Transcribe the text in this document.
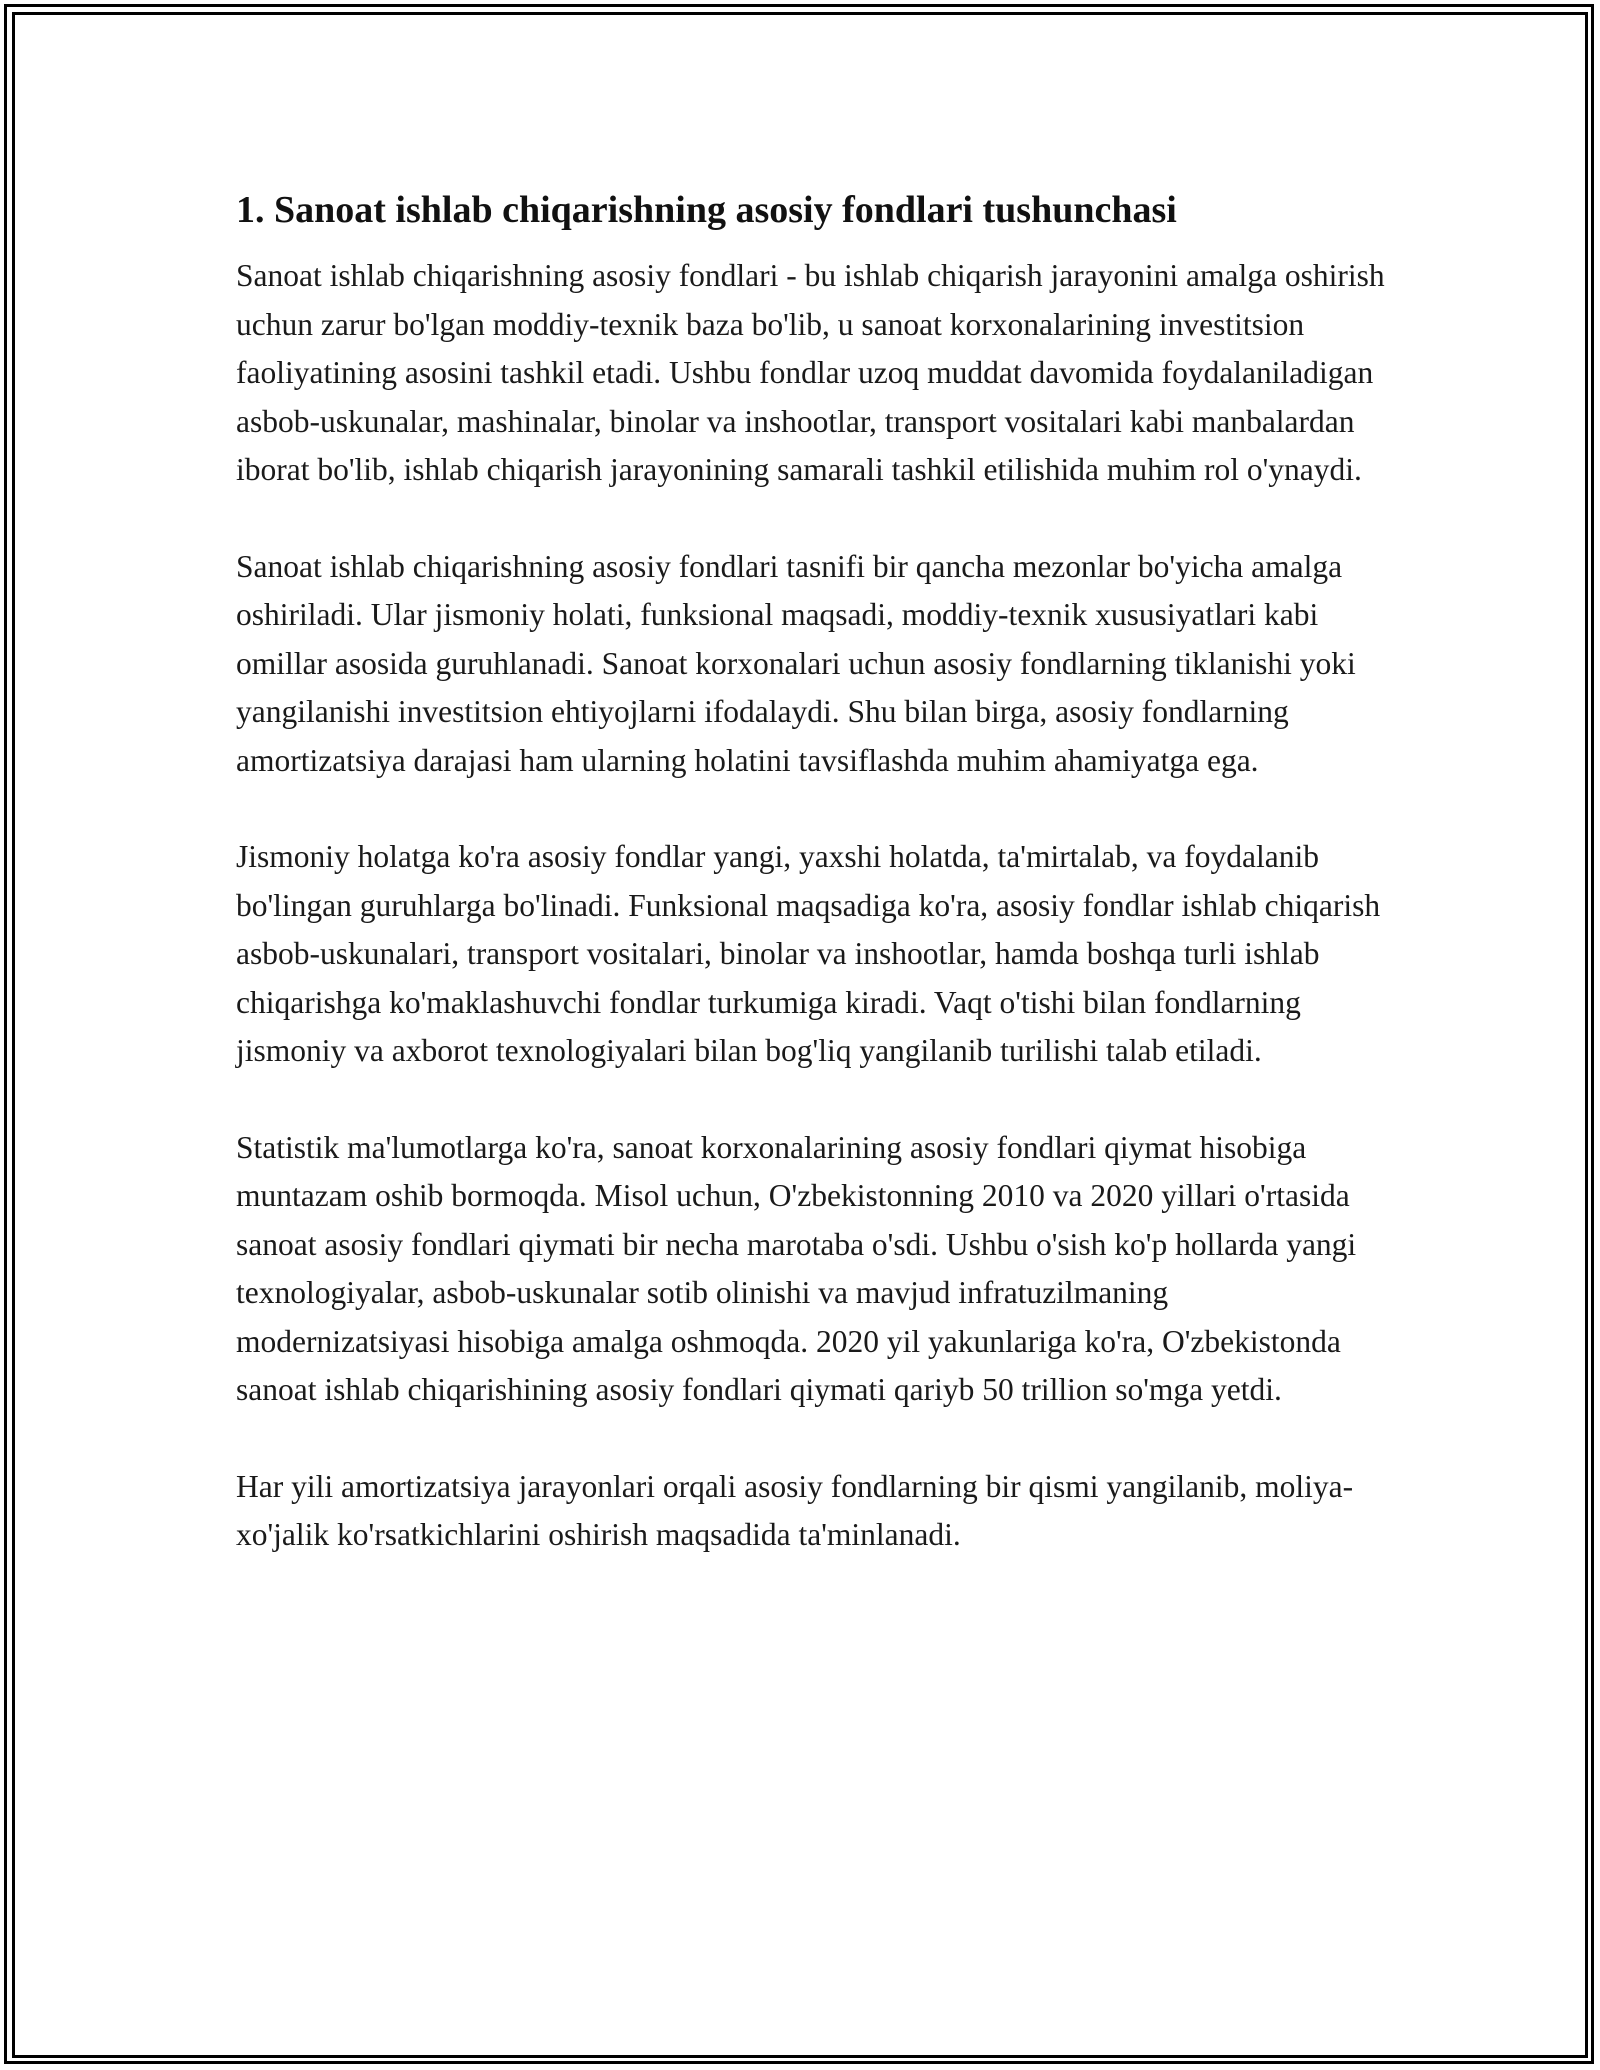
1. Sanoat ishlab chiqarishning asosiy fondlari tushunchasi

Sanoat ishlab chiqarishning asosiy fondlari - bu ishlab chiqarish jarayonini amalga oshirish uchun zarur bo'lgan moddiy-texnik baza bo'lib, u sanoat korxonalarining investitsion faoliyatining asosini tashkil etadi. Ushbu fondlar uzoq muddat davomida foydalaniladigan asbob-uskunalar, mashinalar, binolar va inshootlar, transport vositalari kabi manbalardan iborat bo'lib, ishlab chiqarish jarayonining samarali tashkil etilishida muhim rol o'ynaydi.

Sanoat ishlab chiqarishning asosiy fondlari tasnifi bir qancha mezonlar bo'yicha amalga oshiriladi. Ular jismoniy holati, funksional maqsadi, moddiy-texnik xususiyatlari kabi omillar asosida guruhlanadi. Sanoat korxonalari uchun asosiy fondlarning tiklanishi yoki yangilanishi investitsion ehtiyojlarni ifodalaydi. Shu bilan birga, asosiy fondlarning amortizatsiya darajasi ham ularning holatini tavsiflashda muhim ahamiyatga ega.

Jismoniy holatga ko'ra asosiy fondlar yangi, yaxshi holatda, ta'mirtalab, va foydalanib bo'lingan guruhlarga bo'linadi. Funksional maqsadiga ko'ra, asosiy fondlar ishlab chiqarish asbob-uskunalari, transport vositalari, binolar va inshootlar, hamda boshqa turli ishlab chiqarishga ko'maklashuvchi fondlar turkumiga kiradi. Vaqt o'tishi bilan fondlarning jismoniy va axborot texnologiyalari bilan bog'liq yangilanib turilishi talab etiladi.

Statistik ma'lumotlarga ko'ra, sanoat korxonalarining asosiy fondlari qiymat hisobiga muntazam oshib bormoqda. Misol uchun, O'zbekistonning 2010 va 2020 yillari o'rtasida sanoat asosiy fondlari qiymati bir necha marotaba o'sdi. Ushbu o'sish ko'p hollarda yangi texnologiyalar, asbob-uskunalar sotib olinishi va mavjud infratuzilmaning modernizatsiyasi hisobiga amalga oshmoqda. 2020 yil yakunlariga ko'ra, O'zbekistonda sanoat ishlab chiqarishining asosiy fondlari qiymati qariyb 50 trillion so'mga yetdi.

Har yili amortizatsiya jarayonlari orqali asosiy fondlarning bir qismi yangilanib, moliya-xo'jalik ko'rsatkichlarini oshirish maqsadida ta'minlanadi.
